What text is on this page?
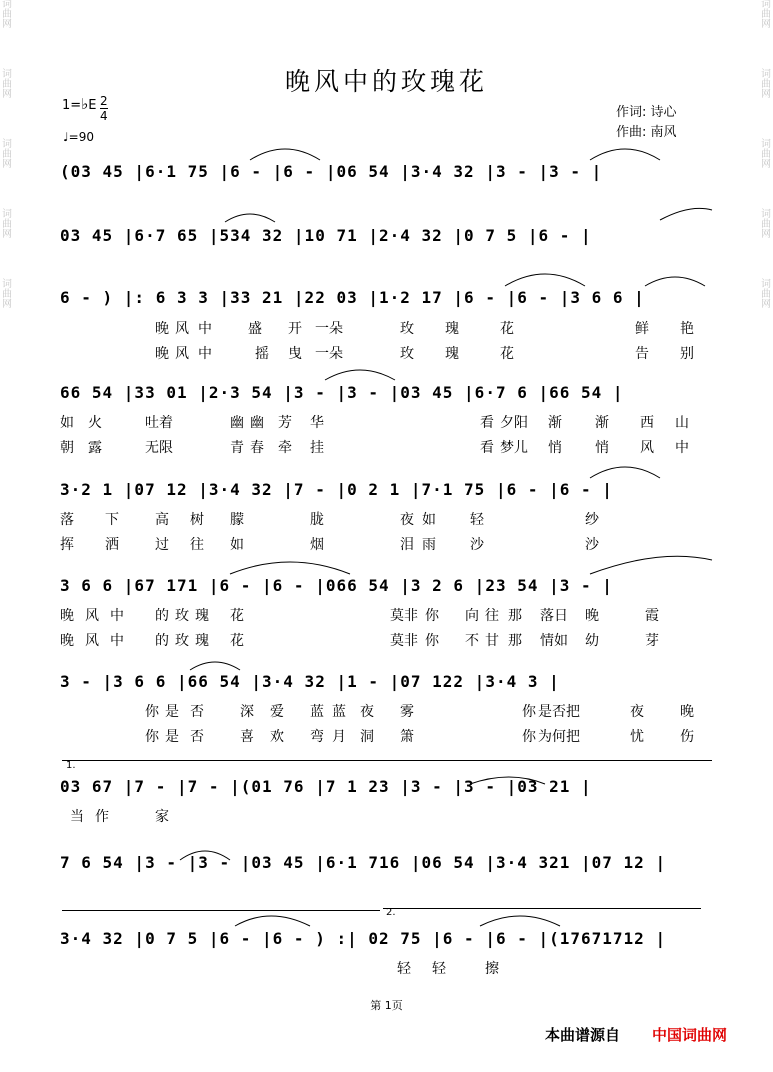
词曲网
词曲网
词曲网
词曲网
词曲网
词曲网
词曲网
词曲网
词曲网
词曲网
晚风中的玫瑰花
1=♭E $\frac{2}{4}$
♩=90
作词: 诗心
作曲: 南风
(03 45 |6·1 75 |6 - |6 - |06 54 |3·4 32 |3 - |3 - |
03 45 |6·7 65 |534 32 |10 71 |2·4 32 |0 7 5 |6 - |
6 - ) |: 6 3 3 |33 21 |22 03 |1·2 17 |6 - |6 - |3 6 6 |
晚 风 中	盛 开 一朵	玫 瑰	花	鲜 艳
晚 风 中	摇 曳 一朵	玫 瑰	花	告 别
66 54 |33 01 |2·3 54 |3 - |3 - |03 45 |6·7 6 |66 54 |
如 火	吐着	幽 幽 芳 华	看 夕阳 渐 渐 西 山
朝 露	无限	青 春 牵 挂	看 梦儿 悄 悄 风 中
3·2 1 |07 12 |3·4 32 |7 - |0 2 1 |7·1 75 |6 - |6 - |
落 下	高 树 朦	胧	夜 如 轻	纱
挥 洒	过 往 如	烟	泪 雨 沙	沙
3 6 6 |67 171 |6 - |6 - |066 54 |3 2 6 |23 54 |3 - |
晚 风 中 的 玫 瑰 花	莫非 你 向 往 那 落日 晚	霞
晚 风 中 的 玫 瑰 花	莫非 你 不 甘 那 情如 幼	芽
3 - |3 6 6 |66 54 |3·4 32 |1 - |07 122 |3·4 3 |
你 是 否	深 爱 蓝 蓝 夜 雾	你 是否把	夜	晚
你 是 否	喜 欢 弯 月 洞 箫	你 为何把	忧	伤
1.
03 67 |7 - |7 - |(01 76 |7 1 23 |3 - |3 - |03 21 |
当 作	家
7 6 54 |3 - |3 - |03 45 |6·1 716 |06 54 |3·4 321 |07 12 |
2.
3·4 32 |0 7 5 |6 - |6 - ) :| 02 75 |6 - |6 - |(17671712 |
轻 轻	擦
第 1页
本曲谱源自 中国词曲网
